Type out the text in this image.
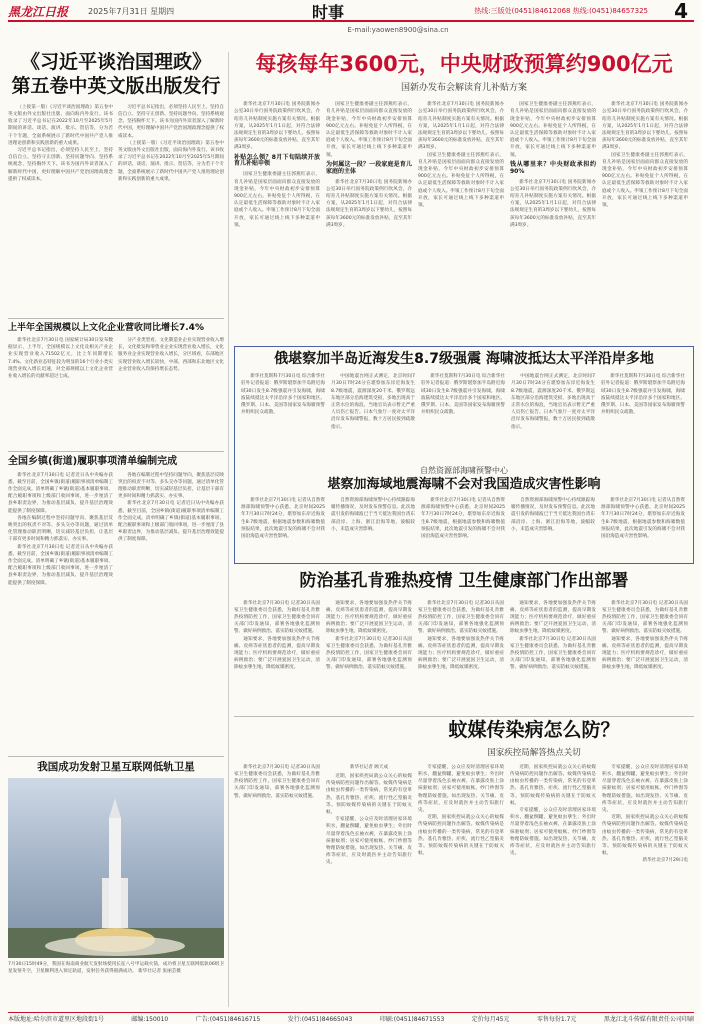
黑龙江日报	2025年7月31日 星期四	时事	热线:三版处(0451)84612068 热线:(0451)84657325	4
E-mail:yaowen8900@sina.cn
《习近平谈治国理政》
第五卷中英文版出版发行

（上接第一版）《习近平谈治国理政》第五卷中英文版由外文出版社出版，面向海内外发行。该书收录了习近平总书记在2022年10月至2025年5月期间的讲话、谈话、演讲、批示、贺信等，分为若干个专题，全面系统展示了新时代中国共产党人推进理论创新和实践创新的重大成果。

习近平总书记指出，必须坚持人民至上、坚持自信自立、坚持守正创新、坚持问题导向、坚持系统观念、坚持胸怀天下。该书为国内外读者深入了解新时代中国，更好理解中国共产党治国理政理念提供了权威读本。

习近平总书记指出，必须坚持人民至上、坚持自信自立、坚持守正创新、坚持问题导向、坚持系统观念、坚持胸怀天下。该书为国内外读者深入了解新时代中国，更好理解中国共产党治国理政理念提供了权威读本。

（上接第一版）《习近平谈治国理政》第五卷中英文版由外文出版社出版，面向海内外发行。该书收录了习近平总书记在2022年10月至2025年5月期间的讲话、谈话、演讲、批示、贺信等，分为若干个专题，全面系统展示了新时代中国共产党人推进理论创新和实践创新的重大成果。

上半年全国规模以上文化企业营收同比增长7.4%

新华社北京7月30日电 国家统计局30日发布数据显示，上半年，全国规模以上文化及相关产业企业实现营业收入71502亿元，比上年同期增长7.4%。文化新业态特征较为明显的16个行业小类实现营业收入增长迅速，对全部规模以上文化企业营业收入增长的贡献率超过七成。

分产业类型看，文化制造业企业实现营业收入增长，文化批发和零售业企业实现营业收入增长，文化服务业企业实现营业收入增长，分区域看，东部地区实现营业收入增长较快，中部、西部和东北地区文化企业营业收入均保持增长态势。

全国乡镇(街道)履职事项清单编制完成

新华社北京7月30日电 记者近日从中央编办获悉，截至目前，全国乡镇(街道)履职事项清单编制工作全面完成。清单明确了乡镇(街道)基本履职事项、配合履职事项和上级部门收回事项，进一步厘清了县乡职责边界，为推动基层减负、提升基层治理效能提供了制度保障。

各地在编制过程中坚持问题导向，聚焦基层反映突出的权责不对等、多头交办等问题，通过清单化管理推动职责明晰，切实减轻基层负担，让基层干部有更多时间和精力抓落实、办实事。

新华社北京7月30日电 记者近日从中央编办获悉，截至目前，全国乡镇(街道)履职事项清单编制工作全面完成。清单明确了乡镇(街道)基本履职事项、配合履职事项和上级部门收回事项，进一步厘清了县乡职责边界，为推动基层减负、提升基层治理效能提供了制度保障。

各地在编制过程中坚持问题导向，聚焦基层反映突出的权责不对等、多头交办等问题，通过清单化管理推动职责明晰，切实减轻基层负担，让基层干部有更多时间和精力抓落实、办实事。

新华社北京7月30日电 记者近日从中央编办获悉，截至目前，全国乡镇(街道)履职事项清单编制工作全面完成。清单明确了乡镇(街道)基本履职事项、配合履职事项和上级部门收回事项，进一步厘清了县乡职责边界，为推动基层减负、提升基层治理效能提供了制度保障。

我国成功发射卫星互联网低轨卫星
7月30日15时49分，我国在海南商业航天发射场使用长征八号甲运载火箭，成功将卫星互联网低轨06组卫星发射升空，卫星顺利进入预定轨道，发射任务获得圆满成功。 新华社记者 张丽芸摄
每孩每年3600元，中央财政预算约900亿元
国新办发布会解读育儿补贴方案

新华社北京7月30日电 国务院新闻办公室30日举行国务院政策例行吹风会，介绍育儿补贴制度实施方案有关情况。根据方案，从2025年1月1日起，对符合法律法规规定生育的3周岁以下婴幼儿，按照每孩每年3600元的标准发放补贴，直至其年满3周岁。

补贴怎么领？8月下旬陆续开放育儿补贴申领

国家卫生健康委副主任郭燕红表示，育儿补贴是国家层面面向群众直接发放的现金补贴，今年中央财政初步安排预算900亿元左右。补贴免征个人所得税，在认定最低生活保障等救助对象时不计入家庭或个人收入。申领工作预计8月下旬全面开放，家长可通过线上线下多种渠道申领。

国家卫生健康委副主任郭燕红表示，育儿补贴是国家层面面向群众直接发放的现金补贴，今年中央财政初步安排预算900亿元左右。补贴免征个人所得税，在认定最低生活保障等救助对象时不计入家庭或个人收入。申领工作预计8月下旬全面开放，家长可通过线上线下多种渠道申领。

为何属这一段？一段家庭是育儿家庭的主体

新华社北京7月30日电 国务院新闻办公室30日举行国务院政策例行吹风会，介绍育儿补贴制度实施方案有关情况。根据方案，从2025年1月1日起，对符合法律法规规定生育的3周岁以下婴幼儿，按照每孩每年3600元的标准发放补贴，直至其年满3周岁。

新华社北京7月30日电 国务院新闻办公室30日举行国务院政策例行吹风会，介绍育儿补贴制度实施方案有关情况。根据方案，从2025年1月1日起，对符合法律法规规定生育的3周岁以下婴幼儿，按照每孩每年3600元的标准发放补贴，直至其年满3周岁。

国家卫生健康委副主任郭燕红表示，育儿补贴是国家层面面向群众直接发放的现金补贴，今年中央财政初步安排预算900亿元左右。补贴免征个人所得税，在认定最低生活保障等救助对象时不计入家庭或个人收入。申领工作预计8月下旬全面开放，家长可通过线上线下多种渠道申领。

国家卫生健康委副主任郭燕红表示，育儿补贴是国家层面面向群众直接发放的现金补贴，今年中央财政初步安排预算900亿元左右。补贴免征个人所得税，在认定最低生活保障等救助对象时不计入家庭或个人收入。申领工作预计8月下旬全面开放，家长可通过线上线下多种渠道申领。

钱从哪里来？中央财政承担约90%

新华社北京7月30日电 国务院新闻办公室30日举行国务院政策例行吹风会，介绍育儿补贴制度实施方案有关情况。根据方案，从2025年1月1日起，对符合法律法规规定生育的3周岁以下婴幼儿，按照每孩每年3600元的标准发放补贴，直至其年满3周岁。

新华社北京7月30日电 国务院新闻办公室30日举行国务院政策例行吹风会，介绍育儿补贴制度实施方案有关情况。根据方案，从2025年1月1日起，对符合法律法规规定生育的3周岁以下婴幼儿，按照每孩每年3600元的标准发放补贴，直至其年满3周岁。

国家卫生健康委副主任郭燕红表示，育儿补贴是国家层面面向群众直接发放的现金补贴，今年中央财政初步安排预算900亿元左右。补贴免征个人所得税，在认定最低生活保障等救助对象时不计入家庭或个人收入。申领工作预计8月下旬全面开放，家长可通过线上线下多种渠道申领。

俄堪察加半岛近海发生8.7级强震 海啸波抵达太平洋沿岸多地

新华社莫斯科7月30日电 综合新华社驻外记者报道：俄罗斯堪察加半岛附近海域30日发生8.7级强震并引发海啸，海啸波陆续抵达太平洋沿岸多个国家和地区。俄罗斯、日本、美国等国家发布海啸预警并组织民众疏散。

中国地震台网正式测定，北京时间7月30日7时24分在堪察加东岸近海发生8.7级地震，震源深度20千米。俄罗斯远东地区部分沿海建筑受损，多地出现高于正常水位的海浪，当地官员表示暂无严重人员伤亡报告。日本气象厅一度对太平洋沿岸发布海啸警报，数十万居民接到疏散指示。

新华社莫斯科7月30日电 综合新华社驻外记者报道：俄罗斯堪察加半岛附近海域30日发生8.7级强震并引发海啸，海啸波陆续抵达太平洋沿岸多个国家和地区。俄罗斯、日本、美国等国家发布海啸预警并组织民众疏散。

中国地震台网正式测定，北京时间7月30日7时24分在堪察加东岸近海发生8.7级地震，震源深度20千米。俄罗斯远东地区部分沿海建筑受损，多地出现高于正常水位的海浪，当地官员表示暂无严重人员伤亡报告。日本气象厅一度对太平洋沿岸发布海啸警报，数十万居民接到疏散指示。

新华社莫斯科7月30日电 综合新华社驻外记者报道：俄罗斯堪察加半岛附近海域30日发生8.7级强震并引发海啸，海啸波陆续抵达太平洋沿岸多个国家和地区。俄罗斯、日本、美国等国家发布海啸预警并组织民众疏散。

自然资源部海啸预警中心
堪察加海域地震海啸不会对我国造成灾害性影响

新华社北京7月30日电 记者从自然资源部海啸预警中心获悉，北京时间2025年7月30日7时24分，堪察加东岸近海发生8.7级地震，根据地震参数和海啸数值预报结果，此次地震引发的海啸不会对我国沿海造成灾害性影响。

自然资源部海啸预警中心持续跟踪海啸传播情况，及时发布预警信息。此次地震引发的海啸波已于当天抵达我国台湾东部沿岸、上海、浙江沿海等地，波幅较小，未造成灾害影响。

新华社北京7月30日电 记者从自然资源部海啸预警中心获悉，北京时间2025年7月30日7时24分，堪察加东岸近海发生8.7级地震，根据地震参数和海啸数值预报结果，此次地震引发的海啸不会对我国沿海造成灾害性影响。

自然资源部海啸预警中心持续跟踪海啸传播情况，及时发布预警信息。此次地震引发的海啸波已于当天抵达我国台湾东部沿岸、上海、浙江沿海等地，波幅较小，未造成灾害影响。

新华社北京7月30日电 记者从自然资源部海啸预警中心获悉，北京时间2025年7月30日7时24分，堪察加东岸近海发生8.7级地震，根据地震参数和海啸数值预报结果，此次地震引发的海啸不会对我国沿海造成灾害性影响。

防治基孔肯雅热疫情 卫生健康部门作出部署

新华社北京7月30日电 记者30日从国家卫生健康委员会获悉，为做好基孔肯雅热疫情防控工作，国家卫生健康委会同有关部门印发通知，部署各地强化监测预警、做好病例救治、落实防蚊灭蚊措施。

通知要求，各地要加强发热伴关节疼痛、皮疹等症状患者的监测，提高早期发现能力；医疗机构要规范诊疗，做好重症病例救治；要广泛开展爱国卫生运动，清除蚊虫孳生地，降低蚊媒密度。

通知要求，各地要加强发热伴关节疼痛、皮疹等症状患者的监测，提高早期发现能力；医疗机构要规范诊疗，做好重症病例救治；要广泛开展爱国卫生运动，清除蚊虫孳生地，降低蚊媒密度。

新华社北京7月30日电 记者30日从国家卫生健康委员会获悉，为做好基孔肯雅热疫情防控工作，国家卫生健康委会同有关部门印发通知，部署各地强化监测预警、做好病例救治、落实防蚊灭蚊措施。

新华社北京7月30日电 记者30日从国家卫生健康委员会获悉，为做好基孔肯雅热疫情防控工作，国家卫生健康委会同有关部门印发通知，部署各地强化监测预警、做好病例救治、落实防蚊灭蚊措施。

通知要求，各地要加强发热伴关节疼痛、皮疹等症状患者的监测，提高早期发现能力；医疗机构要规范诊疗，做好重症病例救治；要广泛开展爱国卫生运动，清除蚊虫孳生地，降低蚊媒密度。

通知要求，各地要加强发热伴关节疼痛、皮疹等症状患者的监测，提高早期发现能力；医疗机构要规范诊疗，做好重症病例救治；要广泛开展爱国卫生运动，清除蚊虫孳生地，降低蚊媒密度。

新华社北京7月30日电 记者30日从国家卫生健康委员会获悉，为做好基孔肯雅热疫情防控工作，国家卫生健康委会同有关部门印发通知，部署各地强化监测预警、做好病例救治、落实防蚊灭蚊措施。

新华社北京7月30日电 记者30日从国家卫生健康委员会获悉，为做好基孔肯雅热疫情防控工作，国家卫生健康委会同有关部门印发通知，部署各地强化监测预警、做好病例救治、落实防蚊灭蚊措施。

通知要求，各地要加强发热伴关节疼痛、皮疹等症状患者的监测，提高早期发现能力；医疗机构要规范诊疗，做好重症病例救治；要广泛开展爱国卫生运动，清除蚊虫孳生地，降低蚊媒密度。

蚊媒传染病怎么防？
国家疾控局解答热点关切

新华社北京7月30日电 记者30日从国家卫生健康委员会获悉，为做好基孔肯雅热疫情防控工作，国家卫生健康委会同有关部门印发通知，部署各地强化监测预警、做好病例救治、落实防蚊灭蚊措施。

新华社记者 顾天成

近期，国家疾控局就公众关心的蚊媒传染病防控问题作出解答。蚊媒传染病是由蚊虫传播的一类传染病，常见的有登革热、基孔肯雅热、疟疾、流行性乙型脑炎等。预防蚊媒传染病的关键在于防蚊灭蚊。

专家提醒，公众应及时清理居家环境积水，翻盆倒罐，避免蚊虫孳生；外出时尽量穿着浅色长袖衣裤，在暴露皮肤上涂抹驱蚊剂；居家可使用蚊帐、纱门纱窗等物理防蚊措施。如出现发热、关节痛、皮疹等症状，应及时就医并主动告知旅行史。

专家提醒，公众应及时清理居家环境积水，翻盆倒罐，避免蚊虫孳生；外出时尽量穿着浅色长袖衣裤，在暴露皮肤上涂抹驱蚊剂；居家可使用蚊帐、纱门纱窗等物理防蚊措施。如出现发热、关节痛、皮疹等症状，应及时就医并主动告知旅行史。

近期，国家疾控局就公众关心的蚊媒传染病防控问题作出解答。蚊媒传染病是由蚊虫传播的一类传染病，常见的有登革热、基孔肯雅热、疟疾、流行性乙型脑炎等。预防蚊媒传染病的关键在于防蚊灭蚊。

近期，国家疾控局就公众关心的蚊媒传染病防控问题作出解答。蚊媒传染病是由蚊虫传播的一类传染病，常见的有登革热、基孔肯雅热、疟疾、流行性乙型脑炎等。预防蚊媒传染病的关键在于防蚊灭蚊。

专家提醒，公众应及时清理居家环境积水，翻盆倒罐，避免蚊虫孳生；外出时尽量穿着浅色长袖衣裤，在暴露皮肤上涂抹驱蚊剂；居家可使用蚊帐、纱门纱窗等物理防蚊措施。如出现发热、关节痛、皮疹等症状，应及时就医并主动告知旅行史。

专家提醒，公众应及时清理居家环境积水，翻盆倒罐，避免蚊虫孳生；外出时尽量穿着浅色长袖衣裤，在暴露皮肤上涂抹驱蚊剂；居家可使用蚊帐、纱门纱窗等物理防蚊措施。如出现发热、关节痛、皮疹等症状，应及时就医并主动告知旅行史。

近期，国家疾控局就公众关心的蚊媒传染病防控问题作出解答。蚊媒传染病是由蚊虫传播的一类传染病，常见的有登革热、基孔肯雅热、疟疾、流行性乙型脑炎等。预防蚊媒传染病的关键在于防蚊灭蚊。

新华社北京7月29日电
本版地址:哈尔滨市道里区地段街1号	邮编:150010	广告:(0451)84616715	发行:(0451)84665043	印刷:(0451)84671553	定价每月45元	零售每份1.7元	黑龙江北斗传媒有限责任公司印刷
